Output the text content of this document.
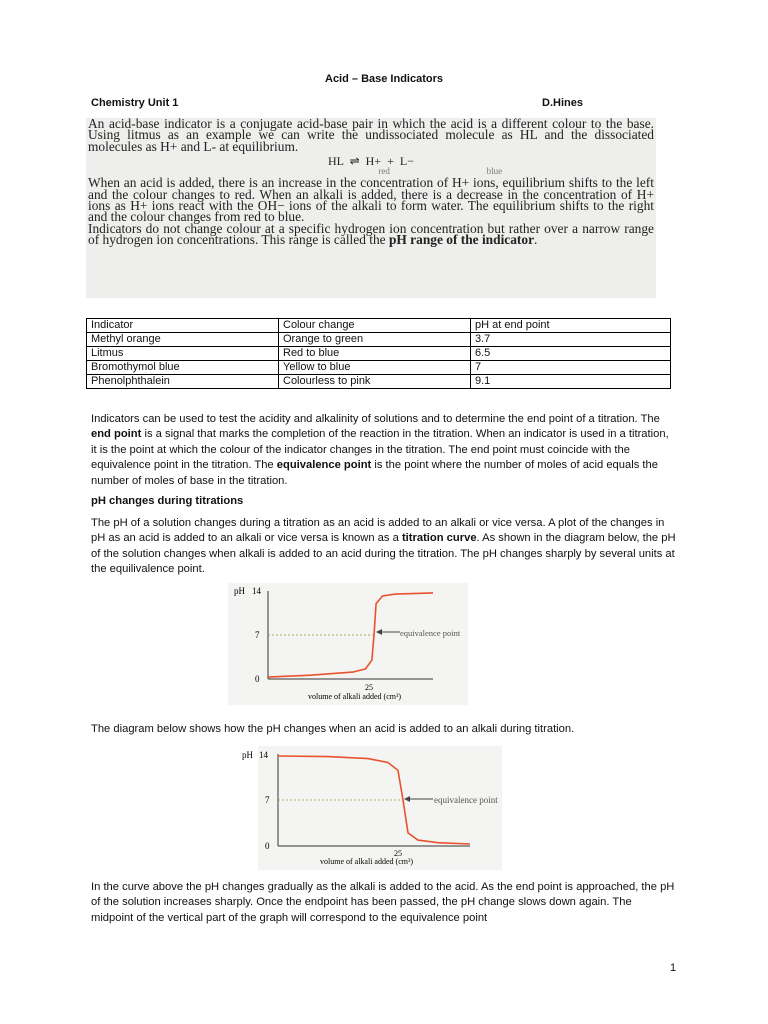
Acid – Base Indicators
Chemistry Unit 1	D.Hines

An acid-base indicator is a conjugate acid-base pair in which the acid is a different colour to the base. Using litmus as an example we can write the undissociated molecule as HL and the dissociated molecules as H+ and L- at equilibrium.

HL ⇌ H+ + L−
red	blue

When an acid is added, there is an increase in the concentration of H+ ions, equilibrium shifts to the left and the colour changes to red. When an alkali is added, there is a decrease in the concentration of H+ ions as H+ ions react with the OH− ions of the alkali to form water. The equilibrium shifts to the right and the colour changes from red to blue.

Indicators do not change colour at a specific hydrogen ion concentration but rather over a narrow range of hydrogen ion concentrations. This range is called the pH range of the indicator.

Indicator	Colour change	pH at end point
Methyl orange	Orange to green	3.7
Litmus	Red to blue	6.5
Bromothymol blue	Yellow to blue	7
Phenolphthalein	Colourless to pink	9.1

Indicators can be used to test the acidity and alkalinity of solutions and to determine the end point of a titration. The end point is a signal that marks the completion of the reaction in the titration. When an indicator is used in a titration, it is the point at which the colour of the indicator changes in the titration. The end point must coincide with the equivalence point in the titration. The equivalence point is the point where the number of moles of acid equals the number of moles of base in the titration.

pH changes during titrations

The pH of a solution changes during a titration as an acid is added to an alkali or vice versa. A plot of the changes in pH as an acid is added to an alkali or vice versa is known as a titration curve. As shown in the diagram below, the pH of the solution changes when alkali is added to an acid during the titration. The pH changes sharply by several units at the equilivalence point.

pH 14
7
0
25
volume of alkali added (cm³)
equivalence point
The diagram below shows how the pH changes when an acid is added to an alkali during titration.
pH 14
7
0
25
volume of alkali added (cm³)
equivalence point
In the curve above the pH changes gradually as the alkali is added to the acid. As the end point is approached, the pH of the solution increases sharply. Once the endpoint has been passed, the pH change slows down again. The midpoint of the vertical part of the graph will correspond to the equivalence point
1
